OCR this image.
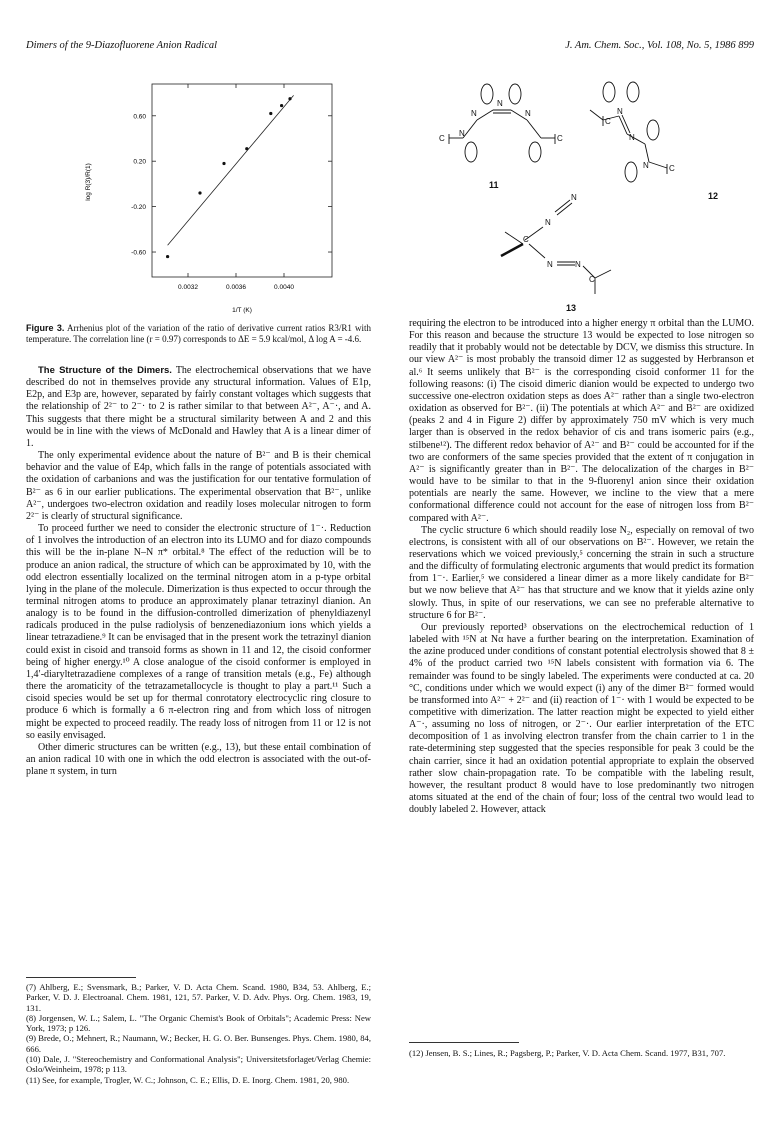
Dimers of the 9-Diazofluorene Anion Radical	J. Am. Chem. Soc., Vol. 108, No. 5, 1986 899
0.0032	0.0036	0.0040
0.60
0.20
-0.20
-0.60
1/T (K)
log R(3)/R(1)
Figure 3. Arrhenius plot of the variation of the ratio of derivative current ratios R3/R1 with temperature. The correlation line (r = 0.97) corresponds to ΔE = 5.9 kcal/mol, Δ log A = -4.6.

The Structure of the Dimers. The electrochemical observations that we have described do not in themselves provide any structural information. Values of E1p, E2p, and E3p are, however, separated by fairly constant voltages which suggests that the relationship of 2²⁻ to 2⁻· to 2 is rather similar to that between A²⁻, A⁻·, and A. This suggests that there might be a structural similarity between A and 2 and this would be in line with the views of McDonald and Hawley that A is a linear dimer of 1.

The only experimental evidence about the nature of B²⁻ and B is their chemical behavior and the value of E4p, which falls in the range of potentials associated with the oxidation of carbanions and was the justification for our tentative formulation of B²⁻ as 6 in our earlier publications. The experimental observation that B²⁻, unlike A²⁻, undergoes two-electron oxidation and readily loses molecular nitrogen to form 2²⁻ is clearly of structural significance.

To proceed further we need to consider the electronic structure of 1⁻·. Reduction of 1 involves the introduction of an electron into its LUMO and for diazo compounds this will be the in-plane N–N π* orbital.⁸ The effect of the reduction will be to produce an anion radical, the structure of which can be approximated by 10, with the odd electron essentially localized on the terminal nitrogen atom in a p-type orbital lying in the plane of the molecule. Dimerization is thus expected to occur through the terminal nitrogen atoms to produce an approximately planar tetrazinyl dianion. An analogy is to be found in the diffusion-controlled dimerization of phenyldiazenyl radicals produced in the pulse radiolysis of benzenediazonium ions which yields a linear tetrazadiene.⁹ It can be envisaged that in the present work the tetrazinyl dianion could exist in cisoid and transoid forms as shown in 11 and 12, the cisoid conformer being of higher energy.¹⁰ A close analogue of the cisoid conformer is employed in 1,4′-diaryltetrazadiene complexes of a range of transition metals (e.g., Fe) although there the aromaticity of the tetrazametallocycle is thought to play a part.¹¹ Such a cisoid species would be set up for thermal conrotatory electrocyclic ring closure to produce 6 which is formally a 6 π-electron ring and from which loss of nitrogen might be expected to proceed readily. The ready loss of nitrogen from 11 or 12 is not so easily envisaged.

Other dimeric structures can be written (e.g., 13), but these entail combination of an anion radical 10 with one in which the odd electron is associated with the out-of-plane π system, in turn

(7) Ahlberg, E.; Svensmark, B.; Parker, V. D. Acta Chem. Scand. 1980, B34, 53. Ahlberg, E.; Parker, V. D. J. Electroanal. Chem. 1981, 121, 57. Parker, V. D. Adv. Phys. Org. Chem. 1983, 19, 131.
(8) Jorgensen, W. L.; Salem, L. "The Organic Chemist's Book of Orbitals"; Academic Press: New York, 1973; p 126.
(9) Brede, O.; Mehnert, R.; Naumann, W.; Becker, H. G. O. Ber. Bunsenges. Phys. Chem. 1980, 84, 666.
(10) Dale, J. "Stereochemistry and Conformational Analysis"; Universitetsforlaget/Verlag Chemie: Oslo/Weinheim, 1978; p 113.
(11) See, for example, Trogler, W. C.; Johnson, C. E.; Ellis, D. E. Inorg. Chem. 1981, 20, 980.
N
N
N
N
C	C
C
N
N
N	C
N
N
C
N	N
C
11
12
13

requiring the electron to be introduced into a higher energy π orbital than the LUMO. For this reason and because the structure 13 would be expected to lose nitrogen so readily that it probably would not be detectable by DCV, we dismiss this structure. In our view A²⁻ is most probably the transoid dimer 12 as suggested by Herbranson et al.⁶ It seems unlikely that B²⁻ is the corresponding cisoid conformer 11 for the following reasons: (i) The cisoid dimeric dianion would be expected to undergo two successive one-electron oxidation steps as does A²⁻ rather than a single two-electron oxidation as observed for B²⁻. (ii) The potentials at which A²⁻ and B²⁻ are oxidized (peaks 2 and 4 in Figure 2) differ by approximately 750 mV which is very much larger than is observed in the redox behavior of cis and trans isomeric pairs (e.g., stilbene¹²). The different redox behavior of A²⁻ and B²⁻ could be accounted for if the two are conformers of the same species provided that the extent of π conjugation in A²⁻ is significantly greater than in B²⁻. The delocalization of the charges in B²⁻ would have to be similar to that in the 9-fluorenyl anion since their oxidation potentials are nearly the same. However, we incline to the view that a mere conformational difference could not account for the ease of nitrogen loss from B²⁻ compared with A²⁻.

The cyclic structure 6 which should readily lose N₂, especially on removal of two electrons, is consistent with all of our observations on B²⁻. However, we retain the reservations which we voiced previously,⁵ concerning the strain in such a structure and the difficulty of formulating electronic arguments that would predict its formation from 1⁻·. Earlier,⁵ we considered a linear dimer as a more likely candidate for B²⁻ but we now believe that A²⁻ has that structure and we know that it yields azine only slowly. Thus, in spite of our reservations, we can see no preferable alternative to structure 6 for B²⁻.

Our previously reported³ observations on the electrochemical reduction of 1 labeled with ¹⁵N at Nα have a further bearing on the interpretation. Examination of the azine produced under conditions of constant potential electrolysis showed that 8 ± 4% of the product carried two ¹⁵N labels consistent with formation via 6. The remainder was found to be singly labeled. The experiments were conducted at ca. 20 °C, conditions under which we would expect (i) any of the dimer B²⁻ formed would be transformed into A²⁻ + 2²⁻ and (ii) reaction of 1⁻· with 1 would be expected to be competitive with dimerization. The latter reaction might be expected to yield either A⁻·, assuming no loss of nitrogen, or 2⁻·. Our earlier interpretation of the ETC decomposition of 1 as involving electron transfer from the chain carrier to 1 in the rate-determining step suggested that the species responsible for peak 3 could be the chain carrier, since it had an oxidation potential appropriate to explain the observed rather slow chain-propagation rate. To be compatible with the labeling result, however, the resultant product 8 would have to lose predominantly two nitrogen atoms situated at the end of the chain of four; loss of the central two would lead to doubly labeled 2. However, attack

(12) Jensen, B. S.; Lines, R.; Pagsberg, P.; Parker, V. D. Acta Chem. Scand. 1977, B31, 707.
